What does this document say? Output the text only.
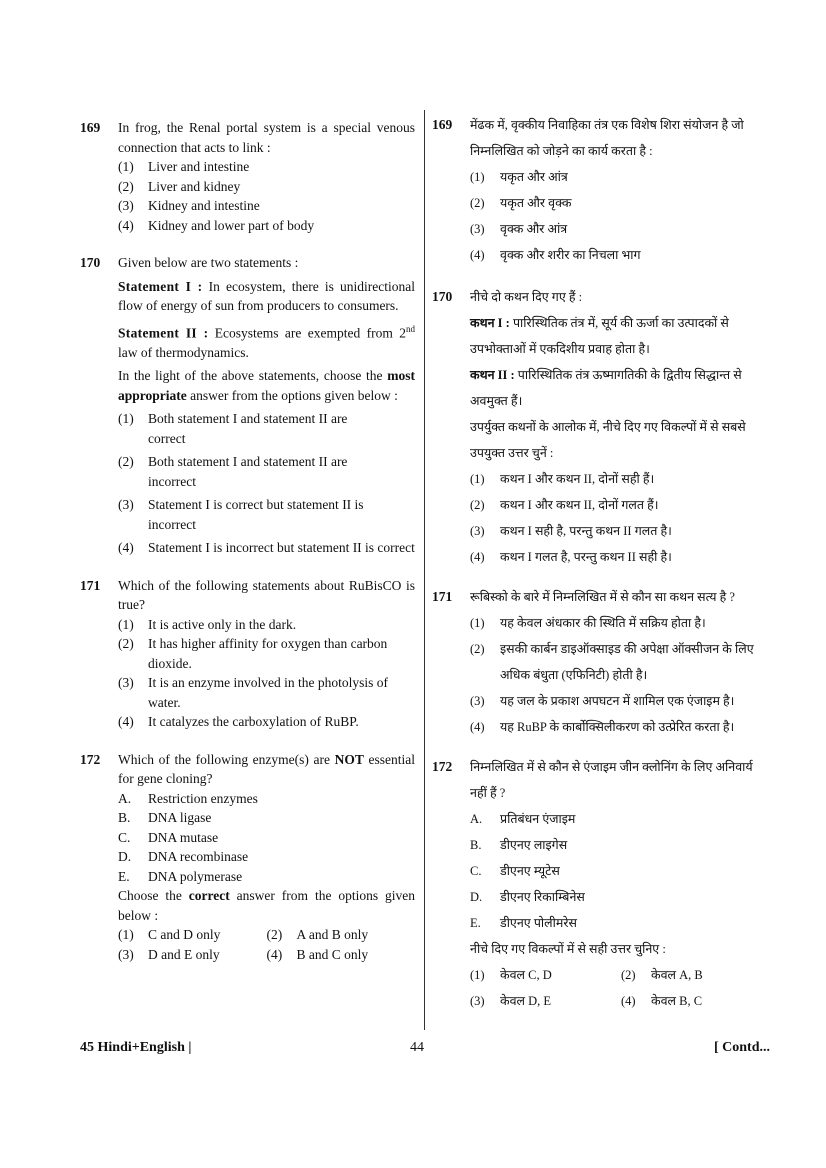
169 In frog, the Renal portal system is a special venous connection that acts to link :
(1)	Liver and intestine
(2)	Liver and kidney
(3)	Kidney and intestine
(4)	Kidney and lower part of body
170 Given below are two statements :
Statement I : In ecosystem, there is unidirectional flow of energy of sun from producers to consumers.
Statement II : Ecosystems are exempted from 2nd law of thermodynamics.
In the light of the above statements, choose the most appropriate answer from the options given below :
(1)	Both statement I and statement II are correct
(2)	Both statement I and statement II are incorrect
(3)	Statement I is correct but statement II is incorrect
(4)	Statement I is incorrect but statement II is correct
171 Which of the following statements about RuBisCO is true?
(1)	It is active only in the dark.
(2)	It has higher affinity for oxygen than carbon dioxide.
(3)	It is an enzyme involved in the photolysis of water.
(4)	It catalyzes the carboxylation of RuBP.
172 Which of the following enzyme(s) are NOT essential for gene cloning?
A.	Restriction enzymes
B.	DNA ligase
C.	DNA mutase
D.	DNA recombinase
E.	DNA polymerase
Choose the correct answer from the options given below :
(1)	C and D only	(2)	A and B only
(3)	D and E only	(4)	B and C only
169 मेंढक में, वृक्कीय निवाहिका तंत्र एक विशेष शिरा संयोजन है जो निम्नलिखित को जोड़ने का कार्य करता है :
(1)	यकृत और आंत्र
(2)	यकृत और वृक्क
(3)	वृक्क और आंत्र
(4)	वृक्क और शरीर का निचला भाग
170 नीचे दो कथन दिए गए हैं :
कथन I : पारिस्थितिक तंत्र में, सूर्य की ऊर्जा का उत्पादकों से उपभोक्ताओं में एकदिशीय प्रवाह होता है।
कथन II : पारिस्थितिक तंत्र ऊष्मागतिकी के द्वितीय सिद्धान्त से अवमुक्त हैं।
उपर्युक्त कथनों के आलोक में, नीचे दिए गए विकल्पों में से सबसे उपयुक्त उत्तर चुनें :
(1)	कथन I और कथन II, दोनों सही हैं।
(2)	कथन I और कथन II, दोनों गलत हैं।
(3)	कथन I सही है, परन्तु कथन II गलत है।
(4)	कथन I गलत है, परन्तु कथन II सही है।
171 रूबिस्को के बारे में निम्नलिखित में से कौन सा कथन सत्य है ?
(1)	यह केवल अंधकार की स्थिति में सक्रिय होता है।
(2)	इसकी कार्बन डाइऑक्साइड की अपेक्षा ऑक्सीजन के लिए अधिक बंधुता (एफिनिटी) होती है।
(3)	यह जल के प्रकाश अपघटन में शामिल एक एंजाइम है।
(4)	यह RuBP के कार्बोक्सिलीकरण को उत्प्रेरित करता है।
172 निम्नलिखित में से कौन से एंजाइम जीन क्लोनिंग के लिए अनिवार्य नहीं हैं ?
A.	प्रतिबंधन एंजाइम
B.	डीएनए लाइगेस
C.	डीएनए म्यूटेस
D.	डीएनए रिकाम्बिनेस
E.	डीएनए पोलीमरेस
नीचे दिए गए विकल्पों में से सही उत्तर चुनिए :
(1)	केवल C, D	(2)	केवल A, B
(3)	केवल D, E	(4)	केवल B, C
45 Hindi+English |	44	[ Contd...
